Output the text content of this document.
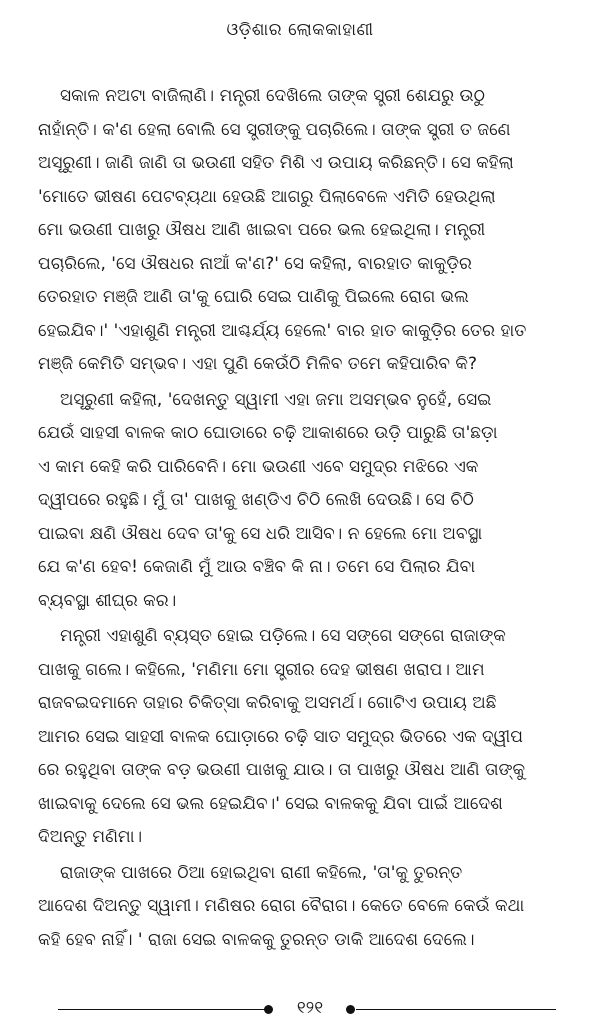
ଓଡ଼ିଶାର ଲୋକକାହାଣୀ

ସକାଳ ନଅଟା ବାଜିଲାଣି। ମନ୍ତ୍ରୀ ଦେଖିଲେ ତାଙ୍କ ସ୍ତ୍ରୀ ଶେଯରୁ ଉଠୁ
ନାହାଁନ୍ତି। କ'ଣ ହେଲା ବୋଲି ସେ ସ୍ତ୍ରୀଙ୍କୁ ପଚାରିଲେ। ତାଙ୍କ ସ୍ତ୍ରୀ ତ ଜଣେ
ଅସୂରୁଣୀ। ଜାଣି ଜାଣି ତା ଭଉଣୀ ସହିତ ମିଶି ଏ ଉପାୟ କରିଛନ୍ତି। ସେ କହିଲା
'ମୋତେ ଭୀଷଣ ପେଟବ୍ୟଥା ହେଉଛି ଆଗରୁ ପିଲାବେଳେ ଏମିତି ହେଉଥିଲା
ମୋ ଭଉଣୀ ପାଖରୁ ଔଷଧ ଆଣି ଖାଇବା ପରେ ଭଲ ହେଇଥିଲା। ମନ୍ତ୍ରୀ
ପଚାରିଲେ, 'ସେ ଔଷଧର ନାଆଁ କ'ଣ?' ସେ କହିଲା, ବାରହାତ କାକୁଡ଼ିର
ତେରହାତ ମଞ୍ଜି ଆଣି ତା'କୁ ଘୋରି ସେଇ ପାଣିକୁ ପିଇଲେ ରୋଗ ଭଲ
ହେଇଯିବ।' 'ଏହାଶୁଣି ମନ୍ତ୍ରୀ ଆଶ୍ଚର୍ଯ୍ୟ ହେଲେ' ବାର ହାତ କାକୁଡ଼ିର ତେର ହାତ
ମଞ୍ଜି କେମିତି ସମ୍ଭବ। ଏହା ପୁଣି କେଉଁଠି ମିଳିବ ତମେ କହିପାରିବ କି?

ଅସୂରୁଣୀ କହିଲା, 'ଦେଖନ୍ତୁ ସ୍ୱାମୀ ଏହା ଜମା ଅସମ୍ଭବ ନୁହେଁ, ସେଇ
ଯେଉଁ ସାହସୀ ବାଳକ କାଠ ଘୋଡାରେ ଚଢ଼ି ଆକାଶରେ ଉଡ଼ି ପାରୁଛି ତା'ଛଡ଼ା
ଏ କାମ କେହି କରି ପାରିବେନି। ମୋ ଭଉଣୀ ଏବେ ସମୁଦ୍ର ମଝିରେ ଏକ
ଦ୍ୱୀପରେ ରହୁଛି। ମୁଁ ତା' ପାଖକୁ ଖଣ୍ଡିଏ ଚିଠି ଲେଖି ଦେଉଛି। ସେ ଚିଠି
ପାଇବା କ୍ଷଣି ଔଷଧ ଦେବ ତା'କୁ ସେ ଧରି ଆସିବ। ନ ହେଲେ ମୋ ଅବସ୍ଥା
ଯେ କ'ଣ ହେବ! କେଜାଣି ମୁଁ ଆଉ ବଞ୍ଚିବ କି ନା। ତମେ ସେ ପିଲାର ଯିବା
ବ୍ୟବସ୍ଥା ଶୀଘ୍ର କର।

ମନ୍ତ୍ରୀ ଏହାଶୁଣି ବ୍ୟସ୍ତ ହୋଇ ପଡ଼ିଲେ। ସେ ସଙ୍ଗେ ସଙ୍ଗେ ରାଜାଙ୍କ
ପାଖକୁ ଗଲେ। କହିଲେ, 'ମଣିମା ମୋ ସ୍ତ୍ରୀର ଦେହ ଭୀଷଣ ଖରାପ। ଆମ
ରାଜବଇଦମାନେ ତାହାର ଚିକିତ୍ସା କରିବାକୁ ଅସମର୍ଥ। ଗୋଟିଏ ଉପାୟ ଅଛି
ଆମର ସେଇ ସାହସୀ ବାଳକ ଘୋଡ଼ାରେ ଚଢ଼ି ସାତ ସମୁଦ୍ର ଭିତରେ ଏକ ଦ୍ୱୀପ
ରେ ରହୁଥିବା ତାଙ୍କ ବଡ଼ ଭଉଣୀ ପାଖକୁ ଯାଉ। ତା ପାଖରୁ ଔଷଧ ଆଣି ତାଙ୍କୁ
ଖାଇବାକୁ ଦେଲେ ସେ ଭଲ ହେଇଯିବ।' ସେଇ ବାଳକକୁ ଯିବା ପାଇଁ ଆଦେଶ
ଦିଅନ୍ତୁ ମଣିମା।

ରାଜାଙ୍କ ପାଖରେ ଠିଆ ହୋଇଥିବା ରାଣୀ କହିଲେ, 'ତା'କୁ ତୁରନ୍ତ
ଆଦେଶ ଦିଅନ୍ତୁ ସ୍ୱାମୀ। ମଣିଷର ରୋଗ ବୈରାଗ। କେତେ ବେଳେ କେଉଁ କଥା
କହି ହେବ ନାହିଁ। ' ରାଜା ସେଇ ବାଳକକୁ ତୁରନ୍ତ ଡାକି ଆଦେଶ ଦେଲେ।

୧୨୧
